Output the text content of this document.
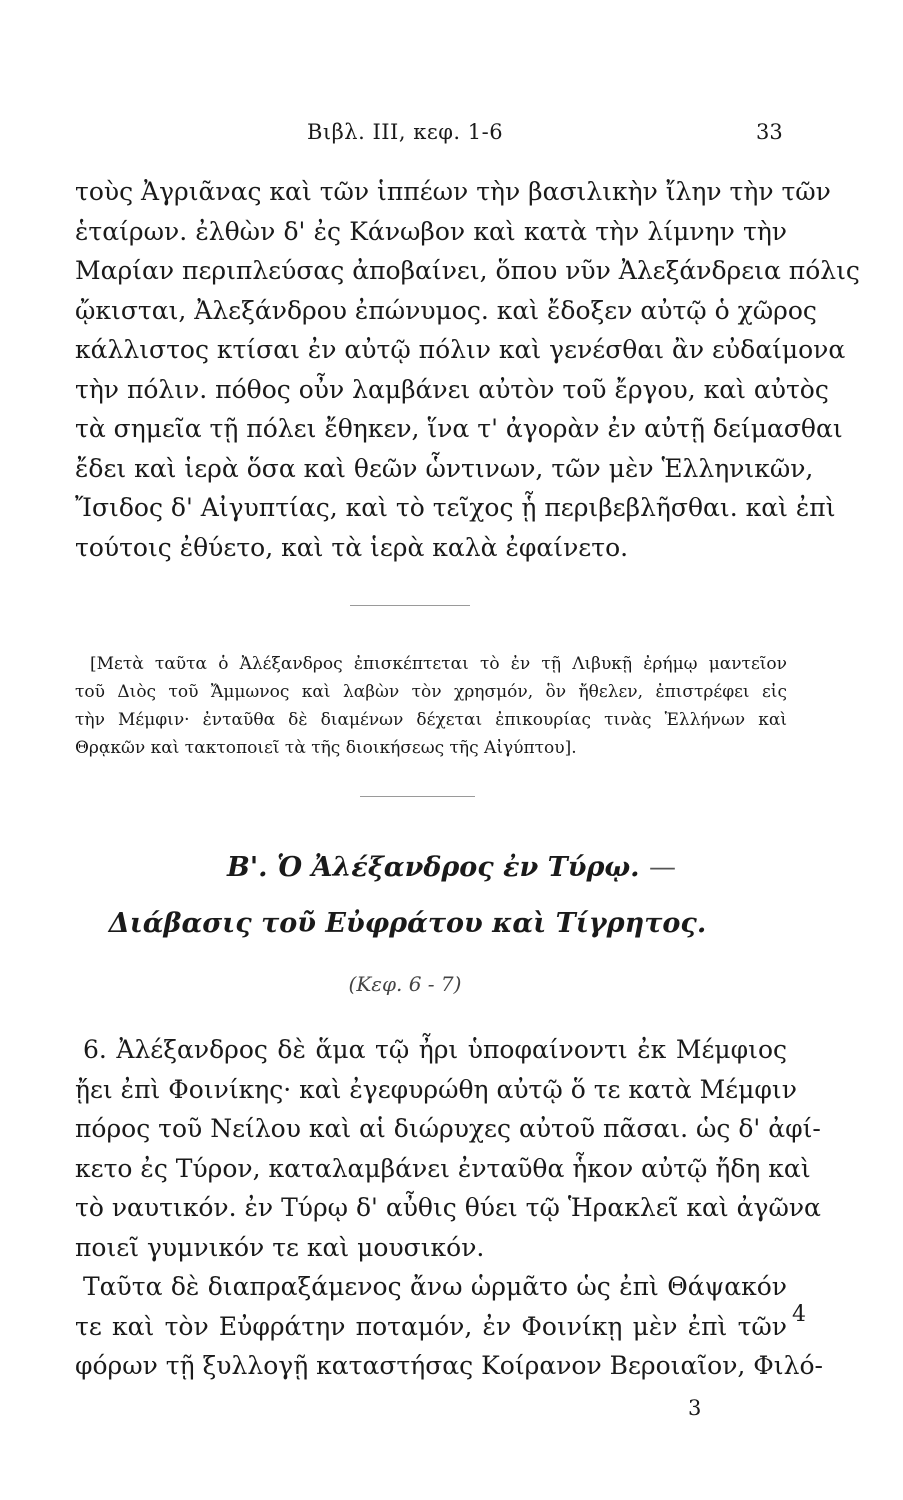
Βιβλ. ΙΙΙ, κεφ. 1-6	33

τοὺς Ἀγριᾶνας καὶ τῶν ἱππέων τὴν βασιλικὴν ἴλην τὴν τῶν
ἑταίρων. ἐλθὼν δ' ἐς Κάνωβον καὶ κατὰ τὴν λίμνην τὴν
Μαρίαν περιπλεύσας ἀποβαίνει, ὅπου νῦν Ἀλεξάνδρεια πόλις
ᾤκισται, Ἀλεξάνδρου ἐπώνυμος. καὶ ἔδοξεν αὐτῷ ὁ χῶρος
κάλλιστος κτίσαι ἐν αὐτῷ πόλιν καὶ γενέσθαι ἂν εὐδαίμονα
τὴν πόλιν. πόθος οὖν λαμβάνει αὐτὸν τοῦ ἔργου, καὶ αὐτὸς
τὰ σημεῖα τῇ πόλει ἔθηκεν, ἵνα τ' ἀγορὰν ἐν αὐτῇ δείμασθαι
ἔδει καὶ ἱερὰ ὅσα καὶ θεῶν ὧντινων, τῶν μὲν Ἑλληνικῶν,
Ἴσιδος δ' Αἰγυπτίας, καὶ τὸ τεῖχος ᾗ περιβεβλῆσθαι. καὶ ἐπὶ
τούτοις ἐθύετο, καὶ τὰ ἱερὰ καλὰ ἐφαίνετο.

[Μετὰ ταῦτα ὁ Ἀλέξανδρος ἐπισκέπτεται τὸ ἐν τῇ Λιβυκῇ ἐρήμῳ μαντεῖον
τοῦ Διὸς τοῦ Ἄμμωνος καὶ λαβὼν τὸν χρησμόν, ὃν ἤθελεν, ἐπιστρέφει εἰς
τὴν Μέμφιν· ἐνταῦθα δὲ διαμένων δέχεται ἐπικουρίας τινὰς Ἑλλήνων καὶ
Θρᾳκῶν καὶ τακτοποιεῖ τὰ τῆς διοικήσεως τῆς Αἰγύπτου].

Β'. Ὁ Ἀλέξανδρος ἐν Τύρῳ. —
Διάβασις τοῦ Εὐφράτου καὶ Τίγρητος.
(Κεφ. 6 - 7)

6. Ἀλέξανδρος δὲ ἅμα τῷ ἦρι ὑποφαίνοντι ἐκ Μέμφιος
ᾔει ἐπὶ Φοινίκης· καὶ ἐγεφυρώθη αὐτῷ ὅ τε κατὰ Μέμφιν
πόρος τοῦ Νείλου καὶ αἱ διώρυχες αὐτοῦ πᾶσαι. ὡς δ' ἀφί-
κετο ἐς Τύρον, καταλαμβάνει ἐνταῦθα ἧκον αὐτῷ ἤδη καὶ
τὸ ναυτικόν. ἐν Τύρῳ δ' αὖθις θύει τῷ Ἡρακλεῖ καὶ ἀγῶνα
ποιεῖ γυμνικόν τε καὶ μουσικόν.
Ταῦτα δὲ διαπραξάμενος ἄνω ὡρμᾶτο ὡς ἐπὶ Θάψακόν
τε καὶ τὸν Εὐφράτην ποταμόν, ἐν Φοινίκῃ μὲν ἐπὶ τῶν
φόρων τῇ ξυλλογῇ καταστήσας Κοίρανον Βεροιαῖον, Φιλό-

4
3
